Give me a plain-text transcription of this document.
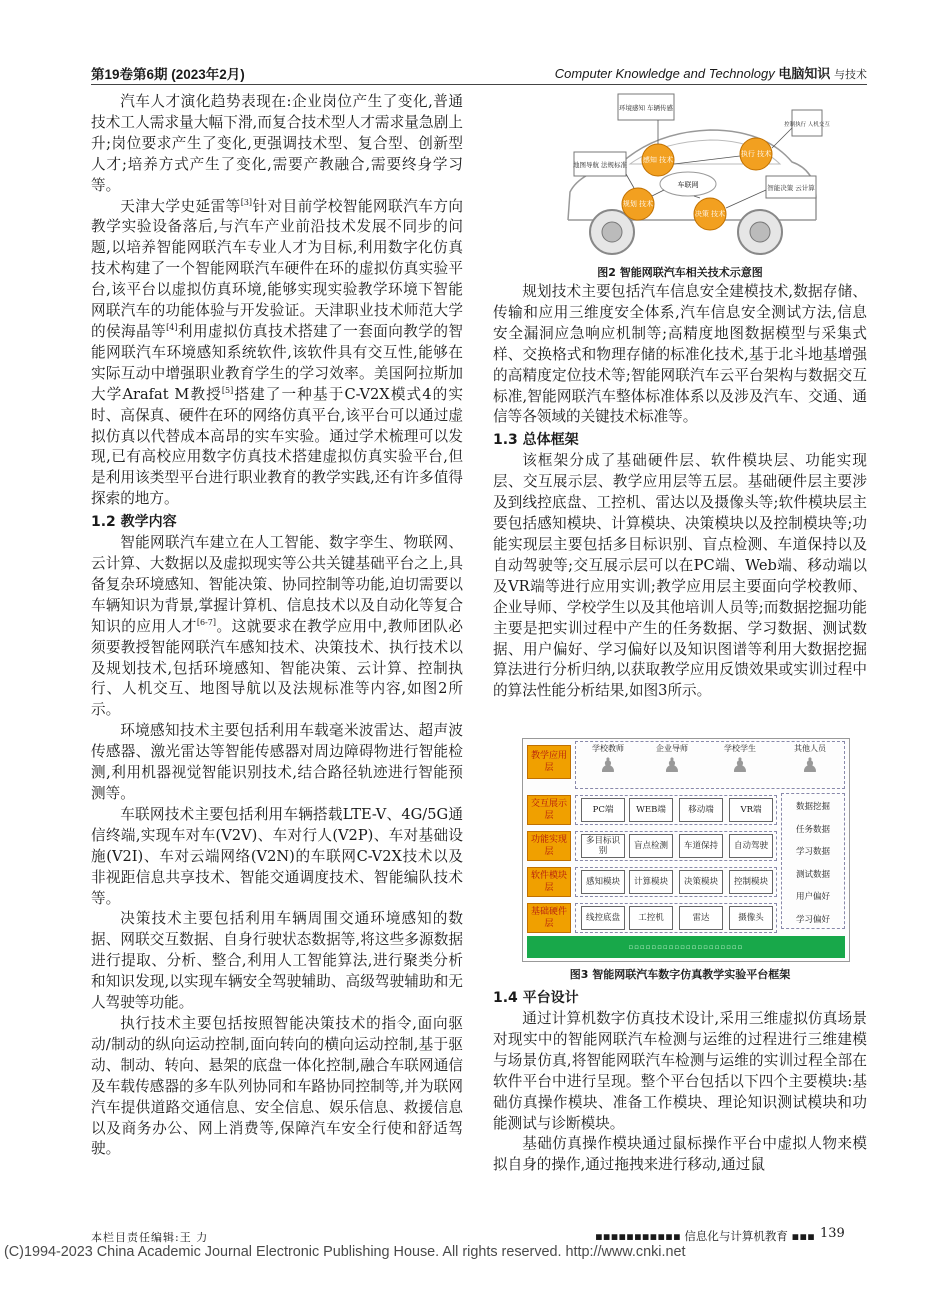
第19卷第6期 (2023年2月)	Computer Knowledge and Technology 电脑知识 与技术

汽车人才演化趋势表现在:企业岗位产生了变化,普通技术工人需求量大幅下滑,而复合技术型人才需求量急剧上升;岗位要求产生了变化,更强调技术型、复合型、创新型人才;培养方式产生了变化,需要产教融合,需要终身学习等。

天津大学史延雷等[3]针对目前学校智能网联汽车方向教学实验设备落后,与汽车产业前沿技术发展不同步的问题,以培养智能网联汽车专业人才为目标,利用数字化仿真技术构建了一个智能网联汽车硬件在环的虚拟仿真实验平台,该平台以虚拟仿真环境,能够实现实验教学环境下智能网联汽车的功能体验与开发验证。天津职业技术师范大学的侯海晶等[4]利用虚拟仿真技术搭建了一套面向教学的智能网联汽车环境感知系统软件,该软件具有交互性,能够在实际互动中增强职业教育学生的学习效率。美国阿拉斯加大学Arafat M教授[5]搭建了一种基于C-V2X模式4的实时、高保真、硬件在环的网络仿真平台,该平台可以通过虚拟仿真以代替成本高昂的实车实验。通过学术梳理可以发现,已有高校应用数字仿真技术搭建虚拟仿真实验平台,但是利用该类型平台进行职业教育的教学实践,还有许多值得探索的地方。

1.2 教学内容

智能网联汽车建立在人工智能、数字孪生、物联网、云计算、大数据以及虚拟现实等公共关键基础平台之上,具备复杂环境感知、智能决策、协同控制等功能,迫切需要以车辆知识为背景,掌握计算机、信息技术以及自动化等复合知识的应用人才[6-7]。这就要求在教学应用中,教师团队必须要教授智能网联汽车感知技术、决策技术、执行技术以及规划技术,包括环境感知、智能决策、云计算、控制执行、人机交互、地图导航以及法规标准等内容,如图2所示。

环境感知技术主要包括利用车载毫米波雷达、超声波传感器、激光雷达等智能传感器对周边障碍物进行智能检测,利用机器视觉智能识别技术,结合路径轨迹进行智能预测等。

车联网技术主要包括利用车辆搭载LTE-V、4G/5G通信终端,实现车对车(V2V)、车对行人(V2P)、车对基础设施(V2I)、车对云端网络(V2N)的车联网C-V2X技术以及非视距信息共享技术、智能交通调度技术、智能编队技术等。

决策技术主要包括利用车辆周围交通环境感知的数据、网联交互数据、自身行驶状态数据等,将这些多源数据进行提取、分析、整合,利用人工智能算法,进行聚类分析和知识发现,以实现车辆安全驾驶辅助、高级驾驶辅助和无人驾驶等功能。

执行技术主要包括按照智能决策技术的指令,面向驱动/制动的纵向运动控制,面向转向的横向运动控制,基于驱动、制动、转向、悬架的底盘一体化控制,融合车联网通信及车载传感器的多车队列协同和车路协同控制等,并为联网汽车提供道路交通信息、安全信息、娱乐信息、救援信息以及商务办公、网上消费等,保障汽车安全行使和舒适驾驶。

车联网
感知 技术
执行 技术
规划 技术
决策 技术
环境感知 车辆传感
控制执行 人机交互
地图导航 法规标准
智能决策 云计算
图2 智能网联汽车相关技术示意图

规划技术主要包括汽车信息安全建模技术,数据存储、传输和应用三维度安全体系,汽车信息安全测试方法,信息安全漏洞应急响应机制等;高精度地图数据模型与采集式样、交换格式和物理存储的标准化技术,基于北斗地基增强的高精度定位技术等;智能网联汽车云平台架构与数据交互标准,智能网联汽车整体标准体系以及涉及汽车、交通、通信等各领域的关键技术标准等。

1.3 总体框架

该框架分成了基础硬件层、软件模块层、功能实现层、交互展示层、教学应用层等五层。基础硬件层主要涉及到线控底盘、工控机、雷达以及摄像头等;软件模块层主要包括感知模块、计算模块、决策模块以及控制模块等;功能实现层主要包括多目标识别、盲点检测、车道保持以及自动驾驶等;交互展示层可以在PC端、Web端、移动端以及VR端等进行应用实训;教学应用层主要面向学校教师、企业导师、学校学生以及其他培训人员等;而数据挖掘功能主要是把实训过程中产生的任务数据、学习数据、测试数据、用户偏好、学习偏好以及知识图谱等利用大数据挖掘算法进行分析归纳,以获取教学应用反馈效果或实训过程中的算法性能分析结果,如图3所示。

教学应用层
交互展示层
功能实现层
软件模块层
基础硬件层
学校教师
♟
企业导师
♟
学校学生
♟
其他人员
♟
PC端	WEB端	移动端	VR端
多目标识别	盲点检测	车道保持	自动驾驶
感知模块	计算模块	决策模块	控制模块
线控底盘	工控机	雷达	摄像头
数据挖掘
任务数据
学习数据
测试数据
用户偏好
学习偏好
▫▫▫▫▫▫▫▫▫▫▫▫▫▫▫▫▫▫▫▫
图3 智能网联汽车数字仿真教学实验平台框架
1.4 平台设计

通过计算机数字仿真技术设计,采用三维虚拟仿真场景对现实中的智能网联汽车检测与运维的过程进行三维建模与场景仿真,将智能网联汽车检测与运维的实训过程全部在软件平台中进行呈现。整个平台包括以下四个主要模块:基础仿真操作模块、准备工作模块、理论知识测试模块和功能测试与诊断模块。

基础仿真操作模块通过鼠标操作平台中虚拟人物来模拟自身的操作,通过拖拽来进行移动,通过鼠

本栏目责任编辑:王 力	▪▪▪▪▪▪▪▪▪▪▪ 信息化与计算机教育 ▪▪▪ 139
(C)1994-2023 China Academic Journal Electronic Publishing House. All rights reserved. http://www.cnki.net
